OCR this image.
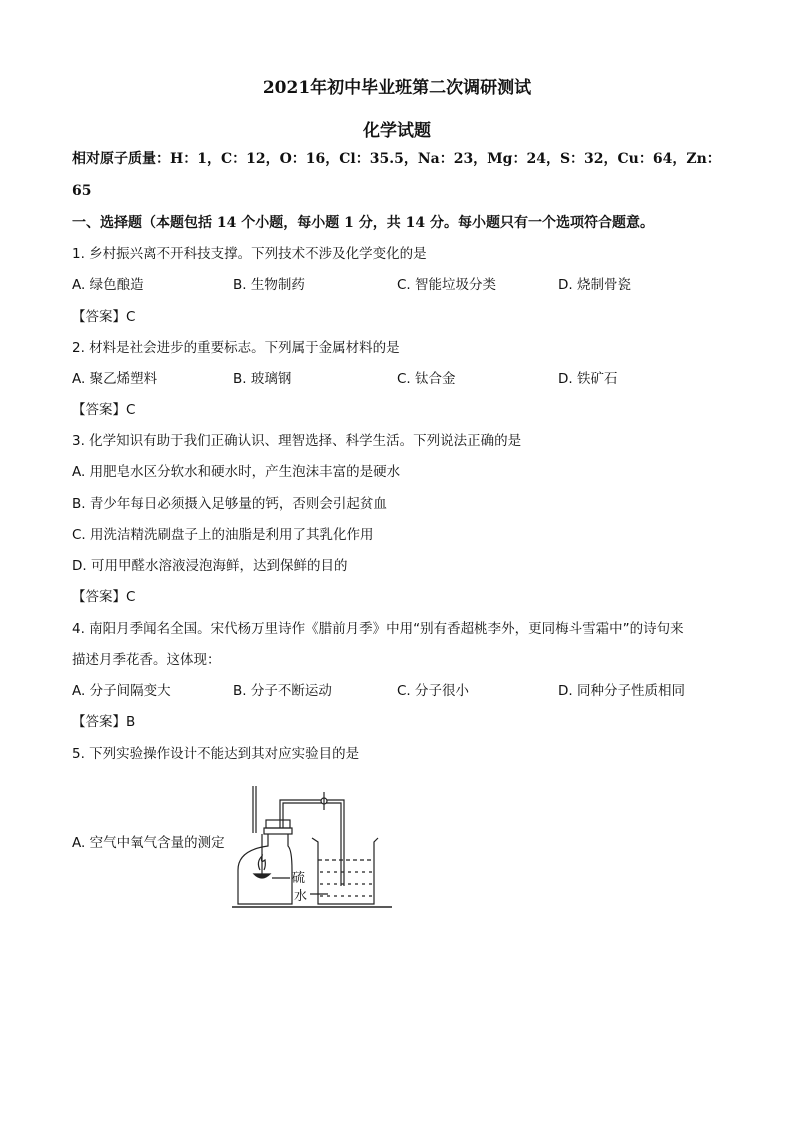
2021年初中毕业班第二次调研测试
化学试题
相对原子质量：H：1，C：12，O：16，Cl：35.5，Na：23，Mg：24，S：32，Cu：64，Zn：
65
一、选择题（本题包括 14 个小题，每小题 1 分，共 14 分。每小题只有一个选项符合题意。
1. 乡村振兴离不开科技支撑。下列技术不涉及化学变化的是
A. 绿色酿造	B. 生物制药	C. 智能垃圾分类	D. 烧制骨瓷
【答案】C
2. 材料是社会进步的重要标志。下列属于金属材料的是
A. 聚乙烯塑料	B. 玻璃钢	C. 钛合金	D. 铁矿石
【答案】C
3. 化学知识有助于我们正确认识、理智选择、科学生活。下列说法正确的是
A. 用肥皂水区分软水和硬水时，产生泡沫丰富的是硬水
B. 青少年每日必须摄入足够量的钙，否则会引起贫血
C. 用洗洁精洗刷盘子上的油脂是利用了其乳化作用
D. 可用甲醛水溶液浸泡海鲜，达到保鲜的目的
【答案】C
4. 南阳月季闻名全国。宋代杨万里诗作《腊前月季》中用“别有香超桃李外，更同梅斗雪霜中”的诗句来
描述月季花香。这体现：
A. 分子间隔变大	B. 分子不断运动	C. 分子很小	D. 同种分子性质相同
【答案】B
5. 下列实验操作设计不能达到其对应实验目的是
A. 空气中氧气含量的测定
硫
水
